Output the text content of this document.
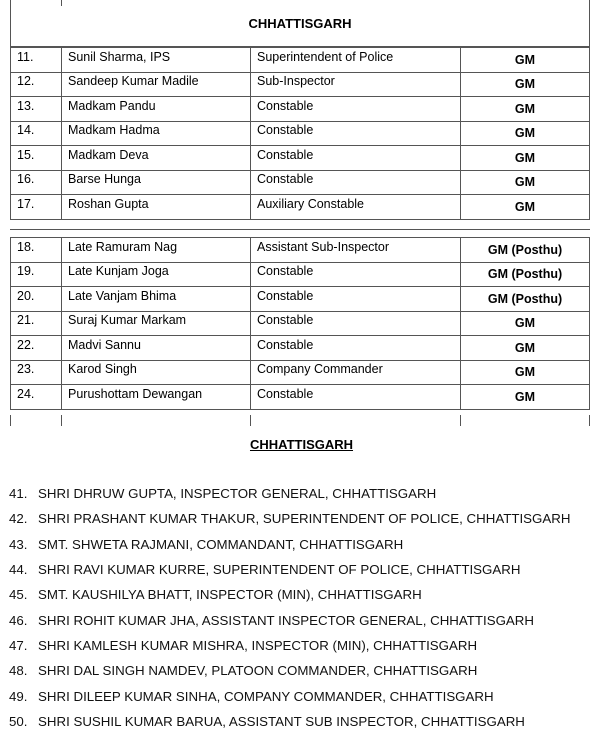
CHHATTISGARH
11.	Sunil Sharma, IPS	Superintendent of Police	GM
12.	Sandeep Kumar Madile	Sub-Inspector	GM
13.	Madkam Pandu	Constable	GM
14.	Madkam Hadma	Constable	GM
15.	Madkam Deva	Constable	GM
16.	Barse Hunga	Constable	GM
17.	Roshan Gupta	Auxiliary Constable	GM
18.	Late Ramuram Nag	Assistant Sub-Inspector	GM (Posthu)
19.	Late Kunjam Joga	Constable	GM (Posthu)
20.	Late Vanjam Bhima	Constable	GM (Posthu)
21.	Suraj Kumar Markam	Constable	GM
22.	Madvi Sannu	Constable	GM
23.	Karod Singh	Company Commander	GM
24.	Purushottam Dewangan	Constable	GM
CHHATTISGARH
41. SHRI DHRUW GUPTA, INSPECTOR GENERAL, CHHATTISGARH
42. SHRI PRASHANT KUMAR THAKUR, SUPERINTENDENT OF POLICE, CHHATTISGARH
43. SMT. SHWETA RAJMANI, COMMANDANT, CHHATTISGARH
44. SHRI RAVI KUMAR KURRE, SUPERINTENDENT OF POLICE, CHHATTISGARH
45. SMT. KAUSHILYA BHATT, INSPECTOR (MIN), CHHATTISGARH
46. SHRI ROHIT KUMAR JHA, ASSISTANT INSPECTOR GENERAL, CHHATTISGARH
47. SHRI KAMLESH KUMAR MISHRA, INSPECTOR (MIN), CHHATTISGARH
48. SHRI DAL SINGH NAMDEV, PLATOON COMMANDER, CHHATTISGARH
49. SHRI DILEEP KUMAR SINHA, COMPANY COMMANDER, CHHATTISGARH
50. SHRI SUSHIL KUMAR BARUA, ASSISTANT SUB INSPECTOR, CHHATTISGARH
